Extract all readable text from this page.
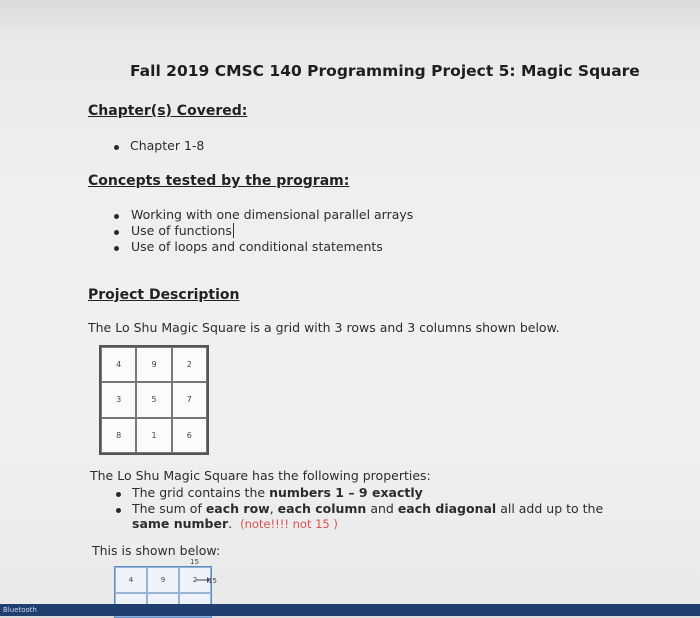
Fall 2019 CMSC 140 Programming Project 5: Magic Square
Chapter(s) Covered:
Chapter 1-8
Concepts tested by the program:
Working with one dimensional parallel arrays
Use of functions
Use of loops and conditional statements
Project Description
The Lo Shu Magic Square is a grid with 3 rows and 3 columns shown below.
4	9	2
3	5	7
8	1	6
The Lo Shu Magic Square has the following properties:
The grid contains the numbers 1 – 9 exactly
The sum of each row, each column and each diagonal all add up to the
same number. (note!!!! not 15 )
This is shown below:
15
4	9	2	15
Bluetooth
